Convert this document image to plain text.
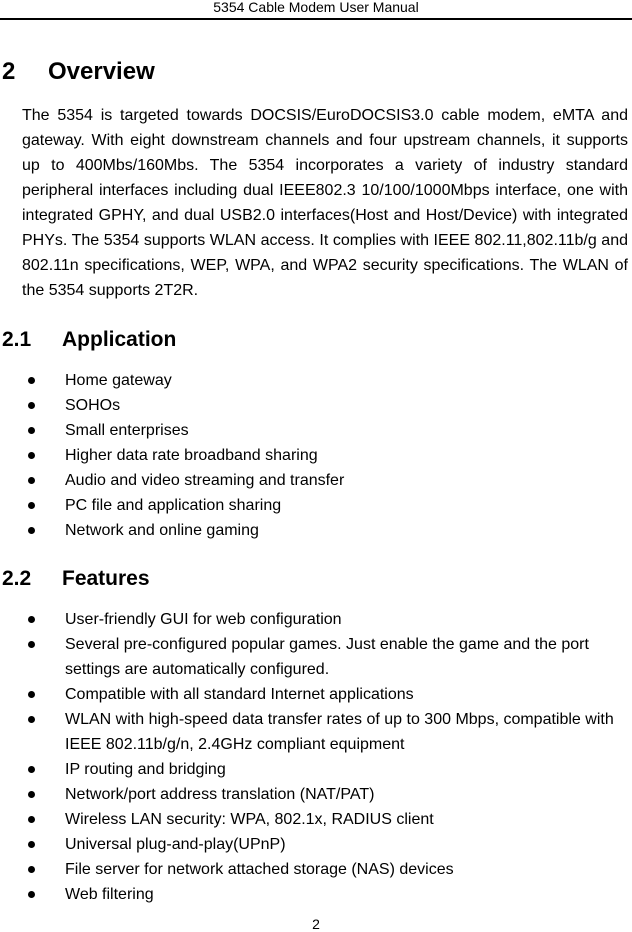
5354 Cable Modem User Manual
2 Overview

The 5354 is targeted towards DOCSIS/EuroDOCSIS3.0 cable modem, eMTA and gateway. With eight downstream channels and four upstream channels, it supports up to 400Mbs/160Mbs. The 5354 incorporates a variety of industry standard peripheral interfaces including dual IEEE802.3 10/100/1000Mbps interface, one with integrated GPHY, and dual USB2.0 interfaces(Host and Host/Device) with integrated PHYs. The 5354 supports WLAN access. It complies with IEEE 802.11,802.11b/g and 802.11n specifications, WEP, WPA, and WPA2 security specifications. The WLAN of the 5354 supports 2T2R.

2.1 Application
Home gateway
SOHOs
Small enterprises
Higher data rate broadband sharing
Audio and video streaming and transfer
PC file and application sharing
Network and online gaming
2.2 Features
User-friendly GUI for web configuration
Several pre-configured popular games. Just enable the game and the port settings are automatically configured.
Compatible with all standard Internet applications
WLAN with high-speed data transfer rates of up to 300 Mbps, compatible with IEEE 802.11b/g/n, 2.4GHz compliant equipment
IP routing and bridging
Network/port address translation (NAT/PAT)
Wireless LAN security: WPA, 802.1x, RADIUS client
Universal plug-and-play(UPnP)
File server for network attached storage (NAS) devices
Web filtering
2
